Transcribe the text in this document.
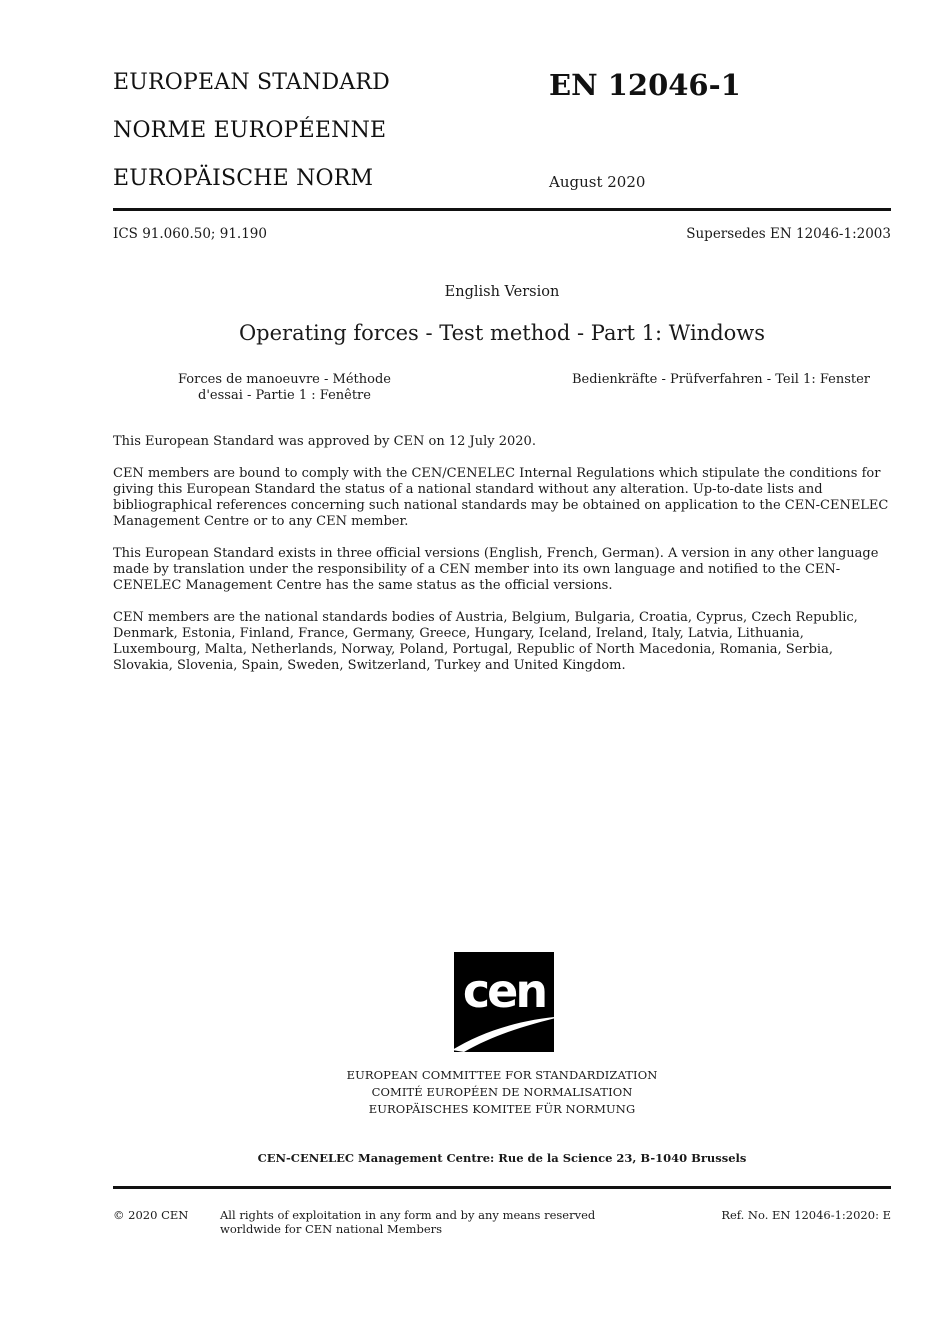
EUROPEAN STANDARD
NORME EUROPÉENNE
EUROPÄISCHE NORM
EN 12046-1
August 2020
ICS 91.060.50; 91.190	Supersedes EN 12046-1:2003
English Version
Operating forces - Test method - Part 1: Windows
Forces de manoeuvre - Méthode d'essai - Partie 1 : Fenêtre
Bedienkräfte - Prüfverfahren - Teil 1: Fenster

This European Standard was approved by CEN on 12 July 2020.

CEN members are bound to comply with the CEN/CENELEC Internal Regulations which stipulate the conditions for giving this European Standard the status of a national standard without any alteration. Up-to-date lists and bibliographical references concerning such national standards may be obtained on application to the CEN-CENELEC Management Centre or to any CEN member.

This European Standard exists in three official versions (English, French, German). A version in any other language made by translation under the responsibility of a CEN member into its own language and notified to the CEN-CENELEC Management Centre has the same status as the official versions.

CEN members are the national standards bodies of Austria, Belgium, Bulgaria, Croatia, Cyprus, Czech Republic, Denmark, Estonia, Finland, France, Germany, Greece, Hungary, Iceland, Ireland, Italy, Latvia, Lithuania, Luxembourg, Malta, Netherlands, Norway, Poland, Portugal, Republic of North Macedonia, Romania, Serbia, Slovakia, Slovenia, Spain, Sweden, Switzerland, Turkey and United Kingdom.

cen
EUROPEAN COMMITTEE FOR STANDARDIZATION
COMITÉ EUROPÉEN DE NORMALISATION
EUROPÄISCHES KOMITEE FÜR NORMUNG
CEN-CENELEC Management Centre: Rue de la Science 23, B-1040 Brussels
© 2020 CEN	All rights of exploitation in any form and by any means reserved worldwide for CEN national Members
Ref. No. EN 12046-1:2020: E
